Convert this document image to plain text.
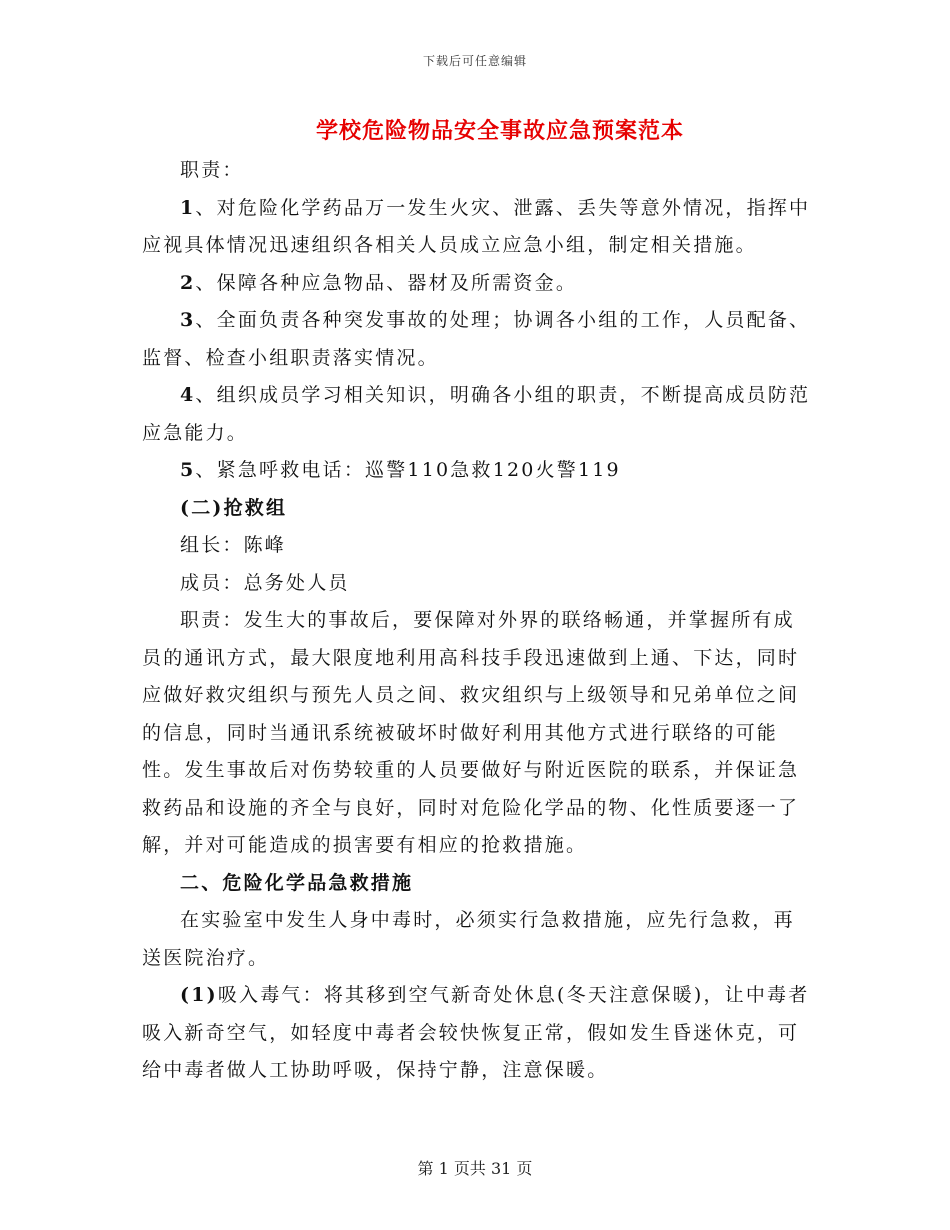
下载后可任意编辑
学校危险物品安全事故应急预案范本

职责：

1、对危险化学药品万一发生火灾、泄露、丢失等意外情况，指挥中应视具体情况迅速组织各相关人员成立应急小组，制定相关措施。

2、保障各种应急物品、器材及所需资金。

3、全面负责各种突发事故的处理；协调各小组的工作，人员配备、监督、检查小组职责落实情况。

4、组织成员学习相关知识，明确各小组的职责，不断提高成员防范应急能力。

5、紧急呼救电话：巡警110急救120火警119

(二)抢救组

组长：陈峰

成员：总务处人员

职责：发生大的事故后，要保障对外界的联络畅通，并掌握所有成员的通讯方式，最大限度地利用高科技手段迅速做到上通、下达，同时应做好救灾组织与预先人员之间、救灾组织与上级领导和兄弟单位之间的信息，同时当通讯系统被破坏时做好利用其他方式进行联络的可能性。发生事故后对伤势较重的人员要做好与附近医院的联系，并保证急救药品和设施的齐全与良好，同时对危险化学品的物、化性质要逐一了解，并对可能造成的损害要有相应的抢救措施。

二、危险化学品急救措施

在实验室中发生人身中毒时，必须实行急救措施，应先行急救，再送医院治疗。

(1)吸入毒气：将其移到空气新奇处休息(冬天注意保暖)，让中毒者吸入新奇空气，如轻度中毒者会较快恢复正常，假如发生昏迷休克，可给中毒者做人工协助呼吸，保持宁静，注意保暖。

第 1 页共 31 页
